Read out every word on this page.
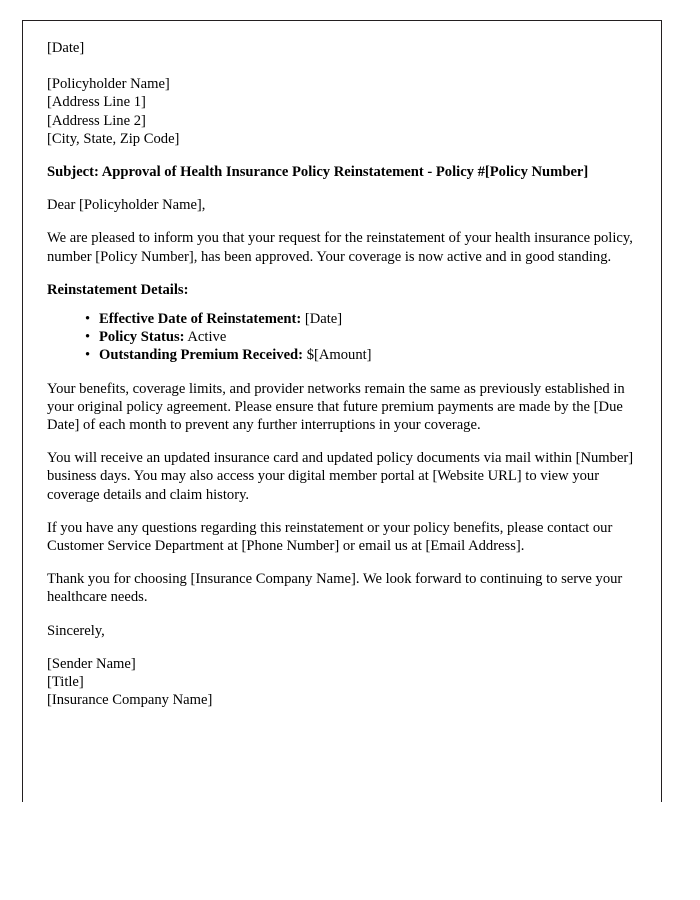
[Date]

[Policyholder Name]

[Address Line 1]

[Address Line 2]

[City, State, Zip Code]

Subject: Approval of Health Insurance Policy Reinstatement - Policy #[Policy Number]

Dear [Policyholder Name],

We are pleased to inform you that your request for the reinstatement of your health insurance policy, number [Policy Number], has been approved. Your coverage is now active and in good standing.

Reinstatement Details:

• Effective Date of Reinstatement: [Date]
• Policy Status: Active
• Outstanding Premium Received: $[Amount]

Your benefits, coverage limits, and provider networks remain the same as previously established in your original policy agreement. Please ensure that future premium payments are made by the [Due Date] of each month to prevent any further interruptions in your coverage.

You will receive an updated insurance card and updated policy documents via mail within [Number] business days. You may also access your digital member portal at [Website URL] to view your coverage details and claim history.

If you have any questions regarding this reinstatement or your policy benefits, please contact our Customer Service Department at [Phone Number] or email us at [Email Address].

Thank you for choosing [Insurance Company Name]. We look forward to continuing to serve your healthcare needs.

Sincerely,

[Sender Name]

[Title]

[Insurance Company Name]
